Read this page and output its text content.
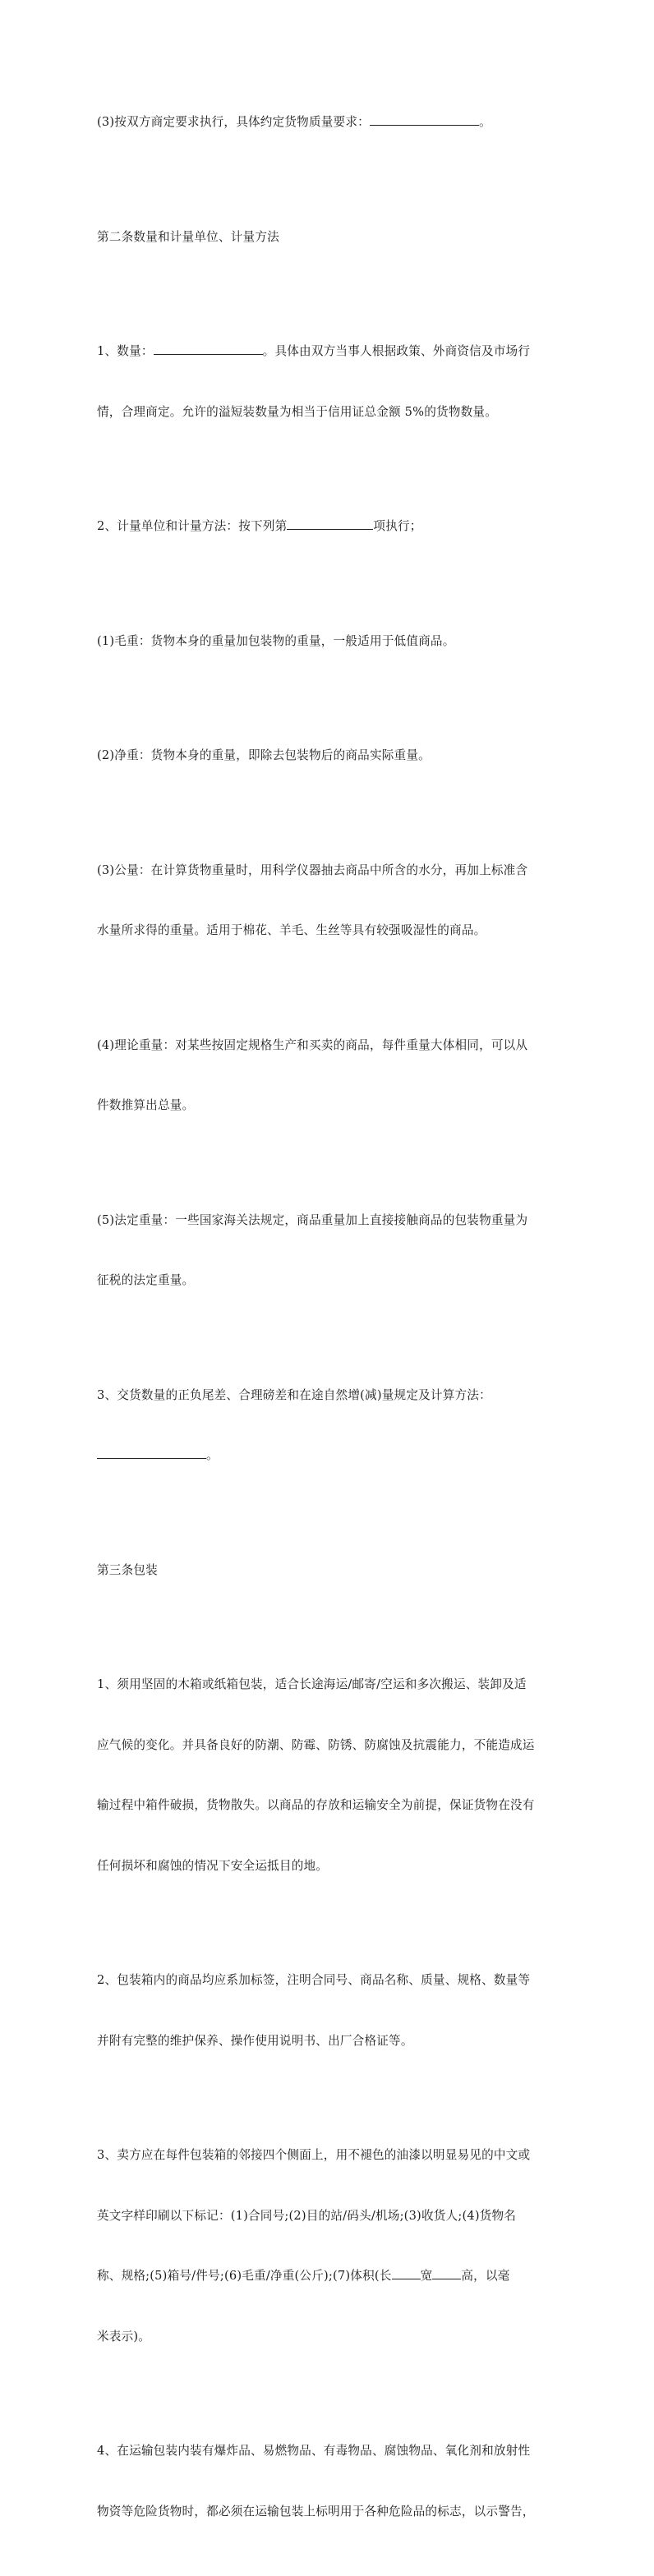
(3)按双方商定要求执行，具体约定货物质量要求：	。

第二条数量和计量单位、计量方法

1、数量：	。具体由双方当事人根据政策、外商资信及市场行

情，合理商定。允许的溢短装数量为相当于信用证总金额 5%的货物数量。

2、计量单位和计量方法：按下列第	项执行；

(1)毛重：货物本身的重量加包装物的重量，一般适用于低值商品。

(2)净重：货物本身的重量，即除去包装物后的商品实际重量。

(3)公量：在计算货物重量时，用科学仪器抽去商品中所含的水分，再加上标准含

水量所求得的重量。适用于棉花、羊毛、生丝等具有较强吸湿性的商品。

(4)理论重量：对某些按固定规格生产和买卖的商品，每件重量大体相同，可以从

件数推算出总量。

(5)法定重量：一些国家海关法规定，商品重量加上直接接触商品的包装物重量为

征税的法定重量。

3、交货数量的正负尾差、合理磅差和在途自然增(减)量规定及计算方法：

。

第三条包装

1、须用坚固的木箱或纸箱包装，适合长途海运/邮寄/空运和多次搬运、装卸及适

应气候的变化。并具备良好的防潮、防霉、防锈、防腐蚀及抗震能力，不能造成运

输过程中箱件破损，货物散失。以商品的存放和运输安全为前提，保证货物在没有

任何损坏和腐蚀的情况下安全运抵目的地。

2、包装箱内的商品均应系加标签，注明合同号、商品名称、质量、规格、数量等

并附有完整的维护保养、操作使用说明书、出厂合格证等。

3、卖方应在每件包装箱的邻接四个侧面上，用不褪色的油漆以明显易见的中文或

英文字样印刷以下标记：(1)合同号;(2)目的站/码头/机场;(3)收货人;(4)货物名

称、规格;(5)箱号/件号;(6)毛重/净重(公斤);(7)体积(长 宽 高，以毫

米表示)。

4、在运输包装内装有爆炸品、易燃物品、有毒物品、腐蚀物品、氧化剂和放射性

物资等危险货物时，都必须在运输包装上标明用于各种危险品的标志，以示警告，
